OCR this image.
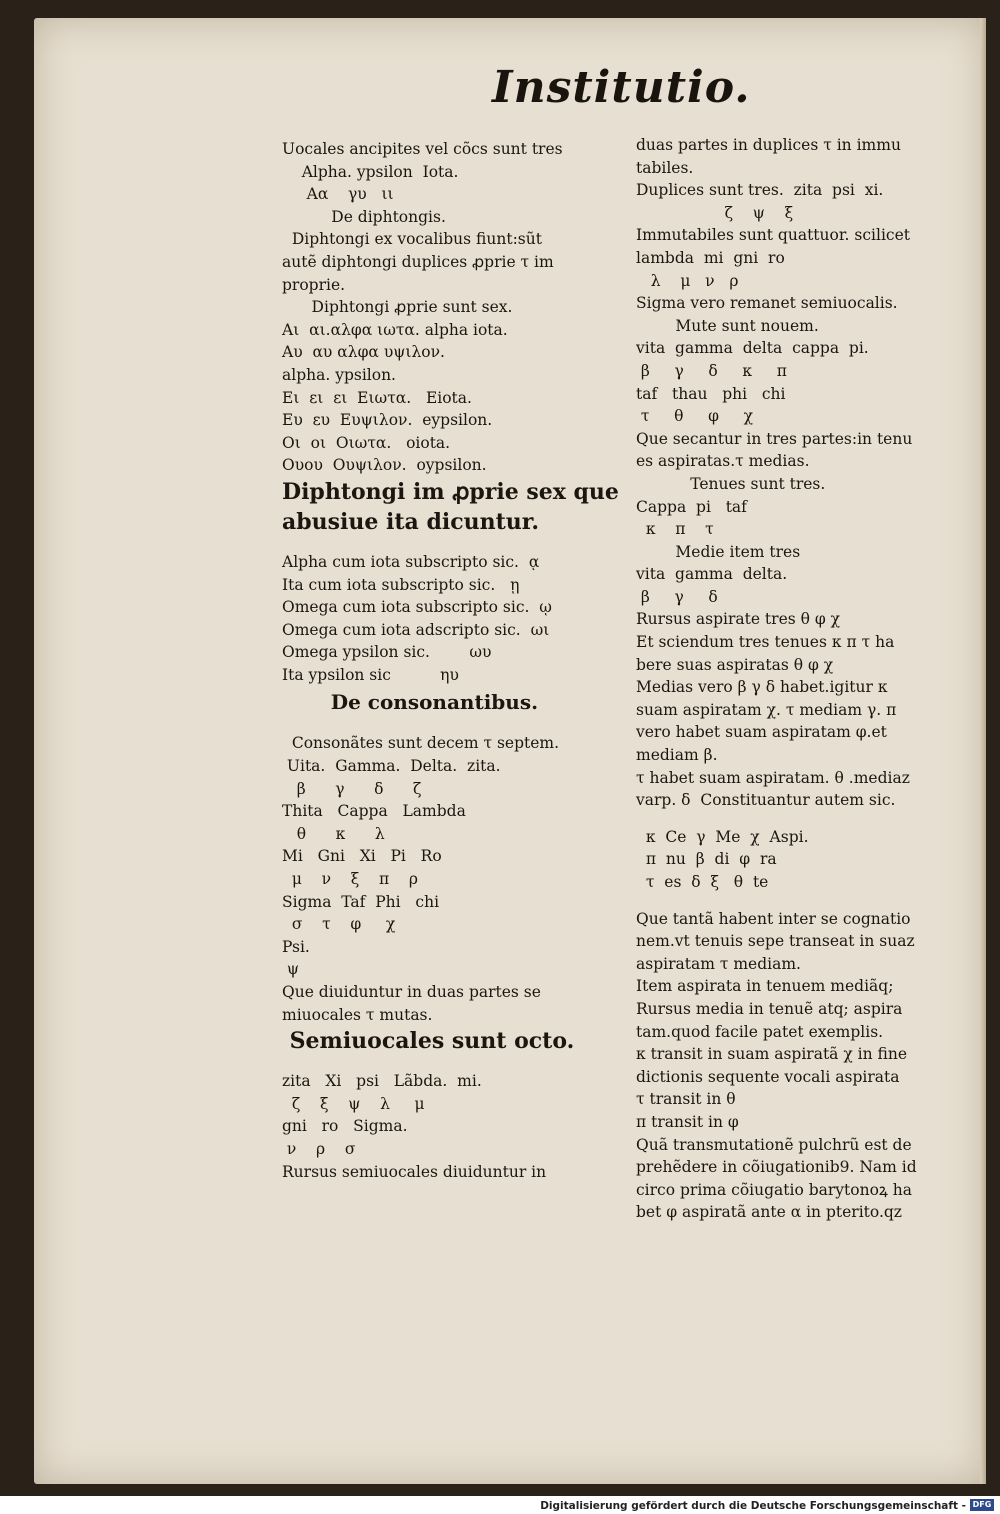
Institutio.
Uocales ancipites vel cõcs sunt tres
Alpha. ypsilon  Iota.
Αα    γυ   ιι
De diphtongis.
Diphtongi ex vocalibus fiunt:sũt
autẽ diphtongi duplices ꝓprie τ im
proprie.
Diphtongi ꝓprie sunt sex.
Αι  αι.αλφα ιωτα. alpha iota.
Αυ  αυ αλφα υψιλον.
alpha. ypsilon.
Ει  ει  ει  Ειωτα.   Eiota.
Ευ  ευ  Ευψιλον.  eypsilon.
Οι  οι  Οιωτα.   oiota.
Ουου  Ουψιλον.  oypsilon.
Diphtongi im ꝓprie sex que
abusiue ita dicuntur.
Alpha cum iota subscripto sic.  ᾳ
Ita cum iota subscripto sic.   ῃ
Omega cum iota subscripto sic.  ῳ
Omega cum iota adscripto sic.  ωι
Omega ypsilon sic.        ωυ
Ita ypsilon sic          ηυ
De consonantibus.
Consonãtes sunt decem τ septem.
Uita.  Gamma.  Delta.  zita.
β      γ      δ      ζ
Thita   Cappa   Lambda
θ      κ      λ
Mi   Gni   Xi   Pi   Ro
μ    ν    ξ    π    ρ
Sigma  Taf  Phi   chi
σ    τ    φ     χ
Psi.
ψ
Que diuiduntur in duas partes se
miuocales τ mutas.
Semiuocales sunt octo.
zita   Xi   psi   Lãbda.  mi.
ζ    ξ    ψ    λ     μ
gni   ro   Sigma.
ν    ρ    σ
Rursus semiuocales diuiduntur in
duas partes in duplices τ in immu
tabiles.
Duplices sunt tres.  zita  psi  xi.
ζ    ψ    ξ
Immutabiles sunt quattuor. scilicet
lambda  mi  gni  ro
λ    μ   ν   ρ
Sigma vero remanet semiuocalis.
Mute sunt nouem.
vita  gamma  delta  cappa  pi.
β     γ     δ     κ     π
taf   thau   phi   chi
τ     θ     φ     χ
Que secantur in tres partes:in tenu
es aspiratas.τ medias.
Tenues sunt tres.
Cappa  pi   taf
κ    π    τ
Medie item tres
vita  gamma  delta.
β     γ     δ
Rursus aspirate tres θ φ χ
Et sciendum tres tenues κ π τ ha
bere suas aspiratas θ φ χ
Medias vero β γ δ habet.igitur κ
suam aspiratam χ. τ mediam γ. π
vero habet suam aspiratam φ.et
mediam β.
τ habet suam aspiratam. θ .mediaz
varp. δ  Constituantur autem sic.
κ  Ce  γ  Me  χ  Aspi.
π  nu  β  di  φ  ra
τ  es  δ  ξ   θ  te
Que tantã habent inter se cognatio
nem.vt tenuis sepe transeat in suaz
aspiratam τ mediam.
Item aspirata in tenuem mediãq;
Rursus media in tenuẽ atq; aspira
tam.quod facile patet exemplis.
κ transit in suam aspiratã χ in fine
dictionis sequente vocali aspirata
τ transit in θ
π transit in φ
Quã transmutationẽ pulchrũ est de
prehẽdere in cõiugationib9. Nam id
circo prima cõiugatio barytonoꝝ ha
bet φ aspiratã ante α in pterito.qz
Digitalisierung gefördert durch die Deutsche Forschungsgemeinschaft - DFG
